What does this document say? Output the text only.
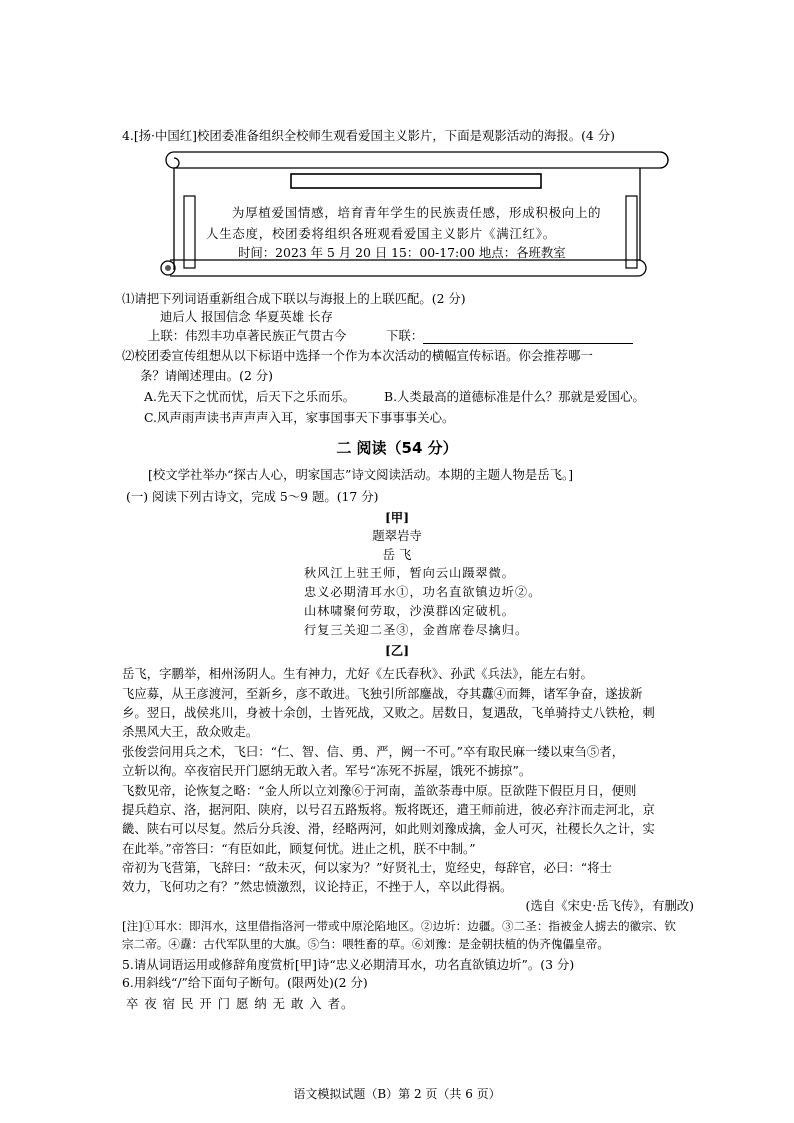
4.[扬·中国红]校团委准备组织全校师生观看爱国主义影片，下面是观影活动的海报。(4 分)
为厚植爱国情感，培育青年学生的民族责任感，形成积极向上的
人生态度，校团委将组织各班观看爱国主义影片《满江红》。
时间：2023 年 5 月 20 日 15：00-17:00 地点：各班教室
⑴请把下列词语重新组合成下联以与海报上的上联匹配。(2 分)
迪后人 报国信念 华夏英雄 长存
上联：伟烈丰功卓著民族正气贯古今	下联：
⑵校团委宣传组想从以下标语中选择一个作为本次活动的横幅宣传标语。你会推荐哪一
条？请阐述理由。(2 分)
A.先天下之忧而忧，后天下之乐而乐。 B.人类最高的道德标准是什么？那就是爱国心。
C.风声雨声读书声声声入耳，家事国事天下事事事关心。
二 阅读（54 分）
[校文学社举办“探古人心，明家国志”诗文阅读活动。本期的主题人物是岳飞。]
(一) 阅读下列古诗文，完成 5～9 题。(17 分)
[甲]
题翠岩寺
岳 飞
秋风江上驻王师，暂向云山蹑翠微。
忠义必期清耳水①，功名直欲镇边圻②。
山林啸聚何劳取，沙漠群凶定破机。
行复三关迎二圣③，金酋席卷尽擒归。
[乙]
岳飞，字鹏举，相州汤阴人。生有神力，尤好《左氏春秋》、孙武《兵法》，能左右射。
飞应募，从王彦渡河，至新乡，彦不敢进。飞独引所部鏖战，夺其纛④而舞，诸军争奋，遂拔新
乡。翌日，战侯兆川，身被十余创，士皆死战，又败之。居数日，复遇敌，飞单骑持丈八铁枪，刺
杀黑风大王，敌众败走。
张俊尝问用兵之术，飞曰：“仁、智、信、勇、严，阙一不可。”卒有取民麻一缕以束刍⑤者，
立斩以徇。卒夜宿民开门愿纳无敢入者。军号“冻死不拆屋，饿死不掳掠”。
飞数见帝，论恢复之略：“金人所以立刘豫⑥于河南，盖欲荼毒中原。臣欲陛下假臣月日，便则
提兵趋京、洛，据河阳、陕府，以号召五路叛将。叛将既还，遣王师前进，彼必弃汴而走河北，京
畿、陕右可以尽复。然后分兵浚、滑，经略两河，如此则刘豫成擒，金人可灭，社稷长久之计，实
在此举。”帝答曰：“有臣如此，顾复何忧。进止之机，朕不中制。”
帝初为飞营第，飞辞曰：“敌未灭，何以家为？”好贤礼士，览经史，每辞官，必曰：“将士
效力，飞何功之有？”然忠愤激烈，议论持正，不挫于人，卒以此得祸。
(选自《宋史·岳飞传》，有删改)
[注]①耳水：即洱水，这里借指洛河一带或中原沦陷地区。②边圻：边疆。③二圣：指被金人掳去的徽宗、钦
宗二帝。④纛：古代军队里的大旗。⑤刍：喂牲畜的草。⑥刘豫：是金朝扶植的伪齐傀儡皇帝。
5.请从词语运用或修辞角度赏析[甲]诗“忠义必期清耳水，功名直欲镇边圻”。(3 分)
6.用斜线“/”给下面句子断句。(限两处)(2 分)
卒 夜 宿 民 开 门 愿 纳 无 敢 入 者。
语文模拟试题（B）第 2 页（共 6 页）
